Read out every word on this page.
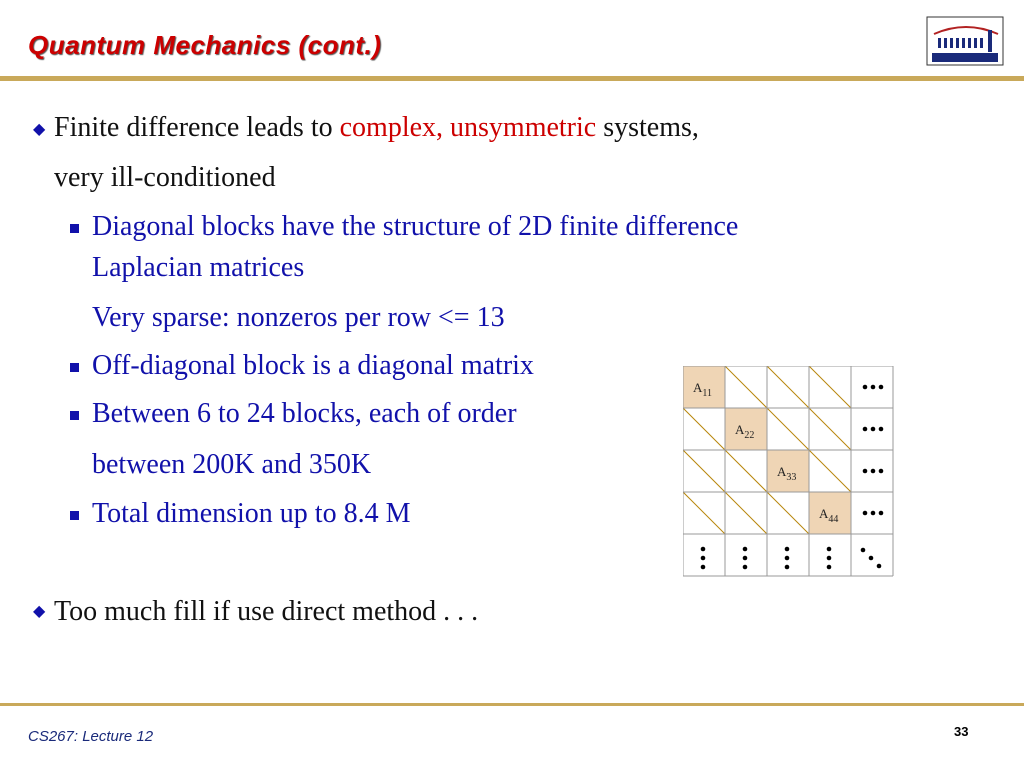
Quantum Mechanics (cont.)
◆ Finite difference leads to complex, unsymmetric systems,
very ill-conditioned
Diagonal blocks have the structure of 2D finite difference
Laplacian matrices
Very sparse: nonzeros per row <= 13
Off-diagonal block is a diagonal matrix
Between 6 to 24 blocks, each of order
between 200K and 350K
Total dimension up to 8.4 M
◆ Too much fill if use direct method . . .
$A_{11}$
$A_{22}$
$A_{33}$
$A_{44}$
CS267: Lecture 12	33
